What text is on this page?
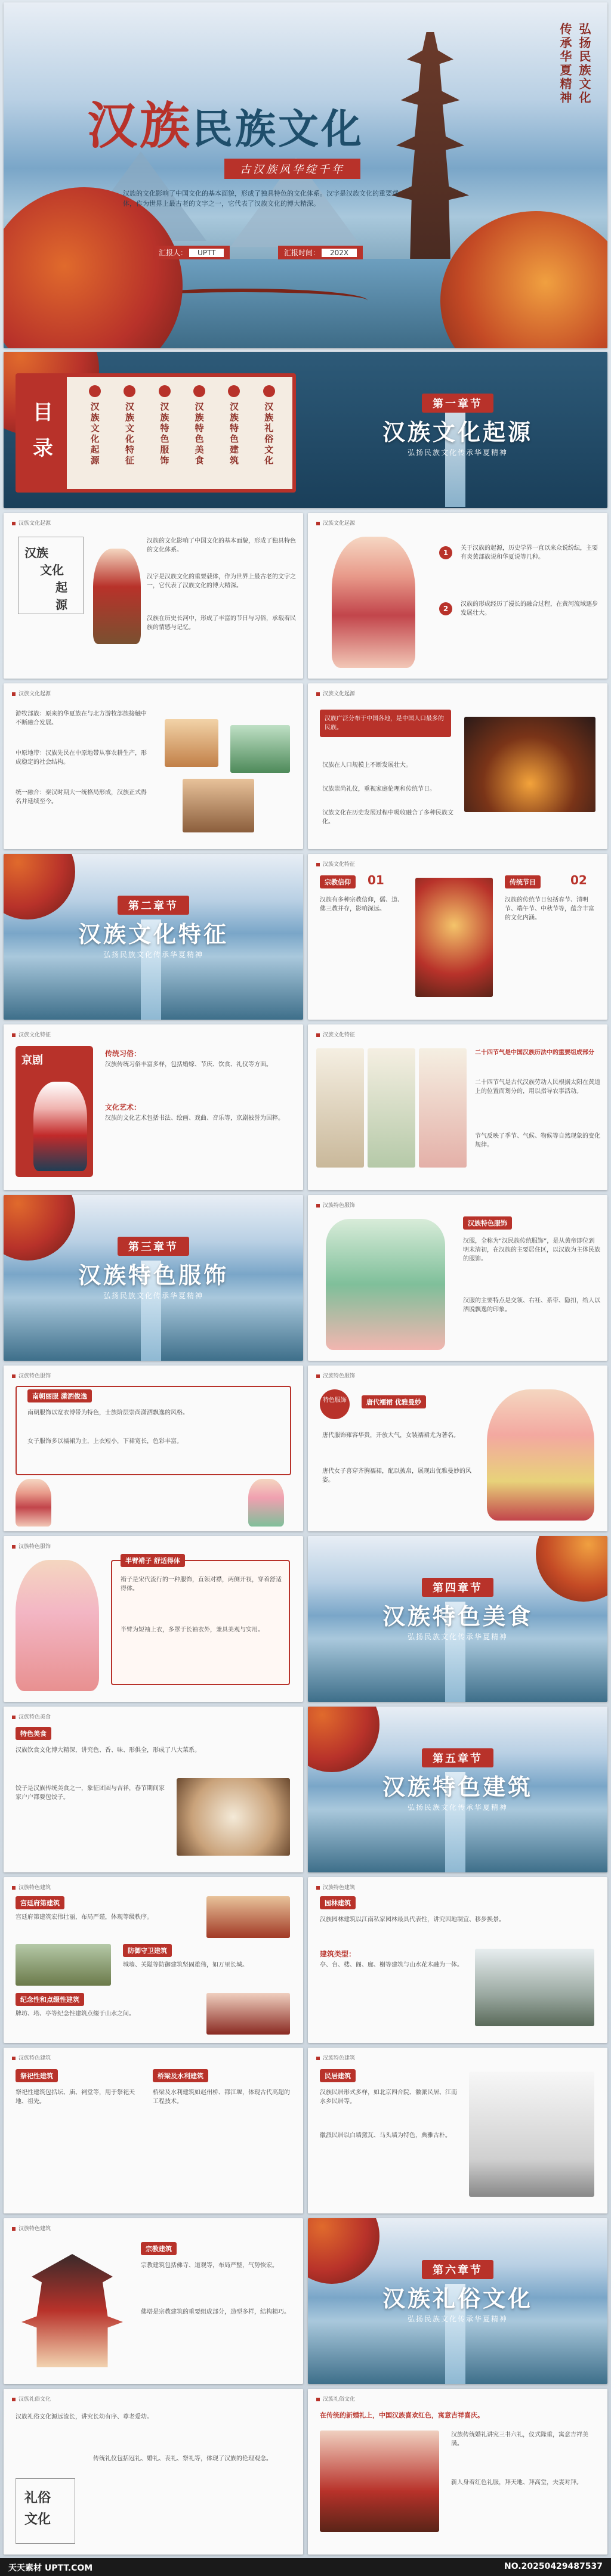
汉族民族文化
古汉族风华绽千年
汉族的文化影响了中国文化的基本面貌，形成了独具特色的文化体系。汉字是汉族文化的重要载体，作为世界上最古老的文字之一，它代表了汉族文化的博大精深。
汇报人： UPTT	汇报时间： 202X
传承华夏精神 弘扬民族文化
目
录	汉族文化起源	汉族文化特征	汉族特色服饰	汉族特色美食	汉族特色建筑	汉族礼俗文化	第一章节
汉族文化起源
弘扬民族文化传承华夏精神
汉族文化起源
汉族
文化
起源
汉族的文化影响了中国文化的基本面貌，形成了独具特色的文化体系。
汉字是汉族文化的重要载体，作为世界上最古老的文字之一，它代表了汉族文化的博大精深。
汉族在历史长河中，形成了丰富的节日与习俗，承载着民族的情感与记忆。
汉族文化起源
1
关于汉族的起源，历史学界一直以来众说纷纭，主要有炎黄部族说和华夏说等几种。
2
汉族的形成经历了漫长的融合过程，在黄河流域逐步发展壮大。
汉族文化起源
游牧部族：原来的华夏族在与北方游牧部族接触中不断融合发展。
中原地带：汉族先民在中原地带从事农耕生产，形成稳定的社会结构。
统一融合：秦汉时期大一统格局形成，汉族正式得名并延续至今。
汉族文化起源
汉族广泛分布于中国各地，是中国人口最多的民族。
汉族在人口规模上不断发展壮大。
汉族崇尚礼仪，重视家庭伦理和传统节日。
汉族文化在历史发展过程中吸收融合了多种民族文化。
第二章节
汉族文化特征
弘扬民族文化传承华夏精神
汉族文化特征
宗教信仰	01
汉族有多种宗教信仰，儒、道、佛三教并存，影响深远。
传统节日	02
汉族的传统节日包括春节、清明节、端午节、中秋节等，蕴含丰富的文化内涵。
汉族文化特征
京剧
传统习俗：
汉族传统习俗丰富多样，包括婚嫁、节庆、饮食、礼仪等方面。
文化艺术：
汉族的文化艺术包括书法、绘画、戏曲、音乐等，京剧被誉为国粹。
汉族文化特征
二十四节气是中国汉族历法中的重要组成部分
二十四节气是古代汉族劳动人民根据太阳在黄道上的位置而划分的，用以指导农事活动。
节气反映了季节、气候、物候等自然现象的变化规律。
第三章节
汉族特色服饰
弘扬民族文化传承华夏精神
汉族特色服饰
汉族特色服饰
汉服，全称为“汉民族传统服饰”，是从黄帝即位到明末清初，在汉族的主要居住区，以汉族为主体民族的服饰。
汉服的主要特点是交领、右衽、系带、隐扣，给人以洒脱飘逸的印象。
汉族特色服饰
南朝丽服 潇洒俊逸
南朝服饰以宽衣博带为特色，士族阶层崇尚潇洒飘逸的风格。
女子服饰多以襦裙为主，上衣短小，下裙宽长，色彩丰富。
汉族特色服饰
特色服饰	唐代襦裙 优雅曼妙
唐代服饰雍容华贵，开放大气，女装襦裙尤为著名。
唐代女子喜穿齐胸襦裙，配以披帛，展现出优雅曼妙的风姿。
汉族特色服饰
半臂褙子 舒适得体
褙子是宋代流行的一种服饰，直领对襟，两侧开衩，穿着舒适得体。
半臂为短袖上衣，多罩于长袖衣外，兼具美观与实用。
第四章节
汉族特色美食
弘扬民族文化传承华夏精神
汉族特色美食
特色美食
汉族饮食文化博大精深，讲究色、香、味、形俱全，形成了八大菜系。
饺子是汉族传统美食之一，象征团圆与吉祥，春节期间家家户户都要包饺子。
第五章节
汉族特色建筑
弘扬民族文化传承华夏精神
汉族特色建筑
宫廷府第建筑
宫廷府第建筑宏伟壮丽，布局严谨，体现等级秩序。
防御守卫建筑
城墙、关隘等防御建筑坚固雄伟，如万里长城。
纪念性和点缀性建筑
牌坊、塔、亭等纪念性建筑点缀于山水之间。
汉族特色建筑
园林建筑
汉族园林建筑以江南私家园林最具代表性，讲究因地制宜、移步换景。
建筑类型：
亭、台、楼、阁、廊、榭等建筑与山水花木融为一体。
汉族特色建筑
祭祀性建筑
祭祀性建筑包括坛、庙、祠堂等，用于祭祀天地、祖先。
桥梁及水利建筑
桥梁及水利建筑如赵州桥、都江堰，体现古代高超的工程技术。
汉族特色建筑
民居建筑
汉族民居形式多样，如北京四合院、徽派民居、江南水乡民居等。
徽派民居以白墙黛瓦、马头墙为特色，典雅古朴。
汉族特色建筑
宗教建筑
宗教建筑包括佛寺、道观等，布局严整，气势恢宏。
佛塔是宗教建筑的重要组成部分，造型多样，结构精巧。
第六章节
汉族礼俗文化
弘扬民族文化传承华夏精神
汉族礼俗文化
礼俗
文化
汉族礼俗文化源远流长，讲究长幼有序、尊老爱幼。
传统礼仪包括冠礼、婚礼、丧礼、祭礼等，体现了汉族的伦理观念。
汉族礼俗文化
在传统的新婚礼上，中国汉族喜欢红色，寓意吉祥喜庆。
汉族传统婚礼讲究三书六礼，仪式隆重，寓意吉祥美满。
新人身着红色礼服，拜天地、拜高堂，夫妻对拜。
天天素材 UPTT.COM	NO.20250429487537
